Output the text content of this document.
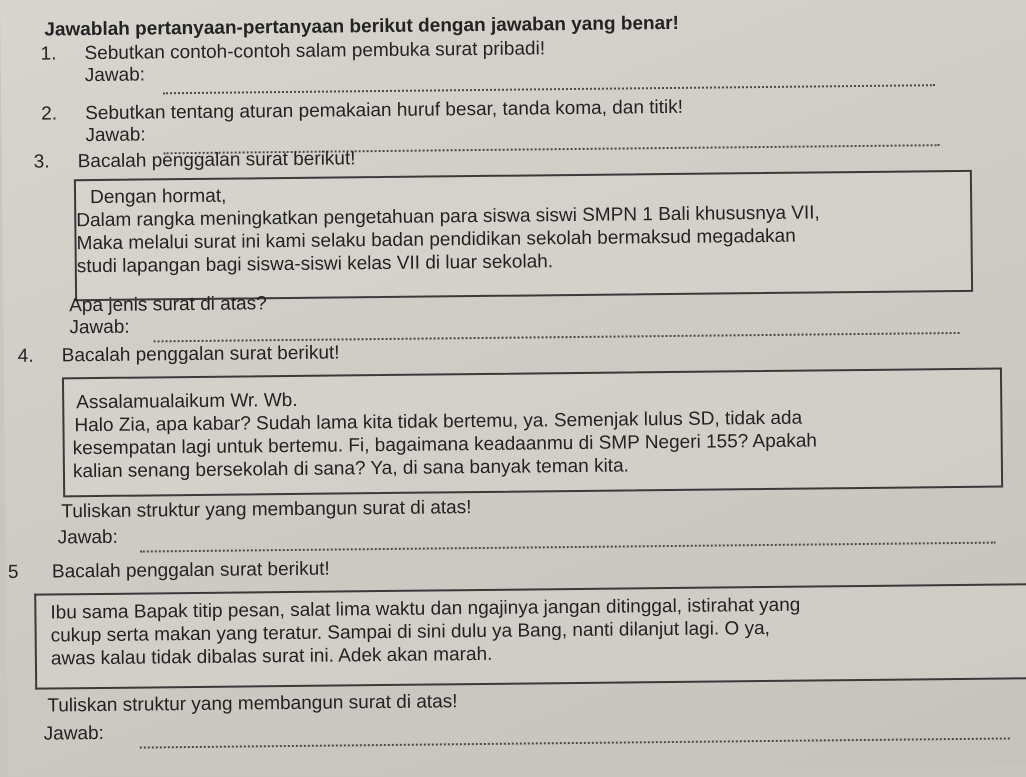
Jawablah pertanyaan-pertanyaan berikut dengan jawaban yang benar!
1. Sebutkan contoh-contoh salam pembuka surat pribadi!
Jawab:
2. Sebutkan tentang aturan pemakaian huruf besar, tanda koma, dan titik!
Jawab:
3. Bacalah penggalan surat berikut!

Dengan hormat,

Dalam rangka meningkatkan pengetahuan para siswa siswi SMPN 1 Bali khususnya VII,

Maka melalui surat ini kami selaku badan pendidikan sekolah bermaksud megadakan

studi lapangan bagi siswa-siswi kelas VII di luar sekolah.

Apa jenis surat di atas?
Jawab:
4. Bacalah penggalan surat berikut!

Assalamualaikum Wr. Wb.

Halo Zia, apa kabar? Sudah lama kita tidak bertemu, ya. Semenjak lulus SD, tidak ada

kesempatan lagi untuk bertemu. Fi, bagaimana keadaanmu di SMP Negeri 155? Apakah

kalian senang bersekolah di sana? Ya, di sana banyak teman kita.

Tuliskan struktur yang membangun surat di atas!
Jawab:
5 Bacalah penggalan surat berikut!

Ibu sama Bapak titip pesan, salat lima waktu dan ngajinya jangan ditinggal, istirahat yang

cukup serta makan yang teratur. Sampai di sini dulu ya Bang, nanti dilanjut lagi. O ya,

awas kalau tidak dibalas surat ini. Adek akan marah.

Tuliskan struktur yang membangun surat di atas!
Jawab:
